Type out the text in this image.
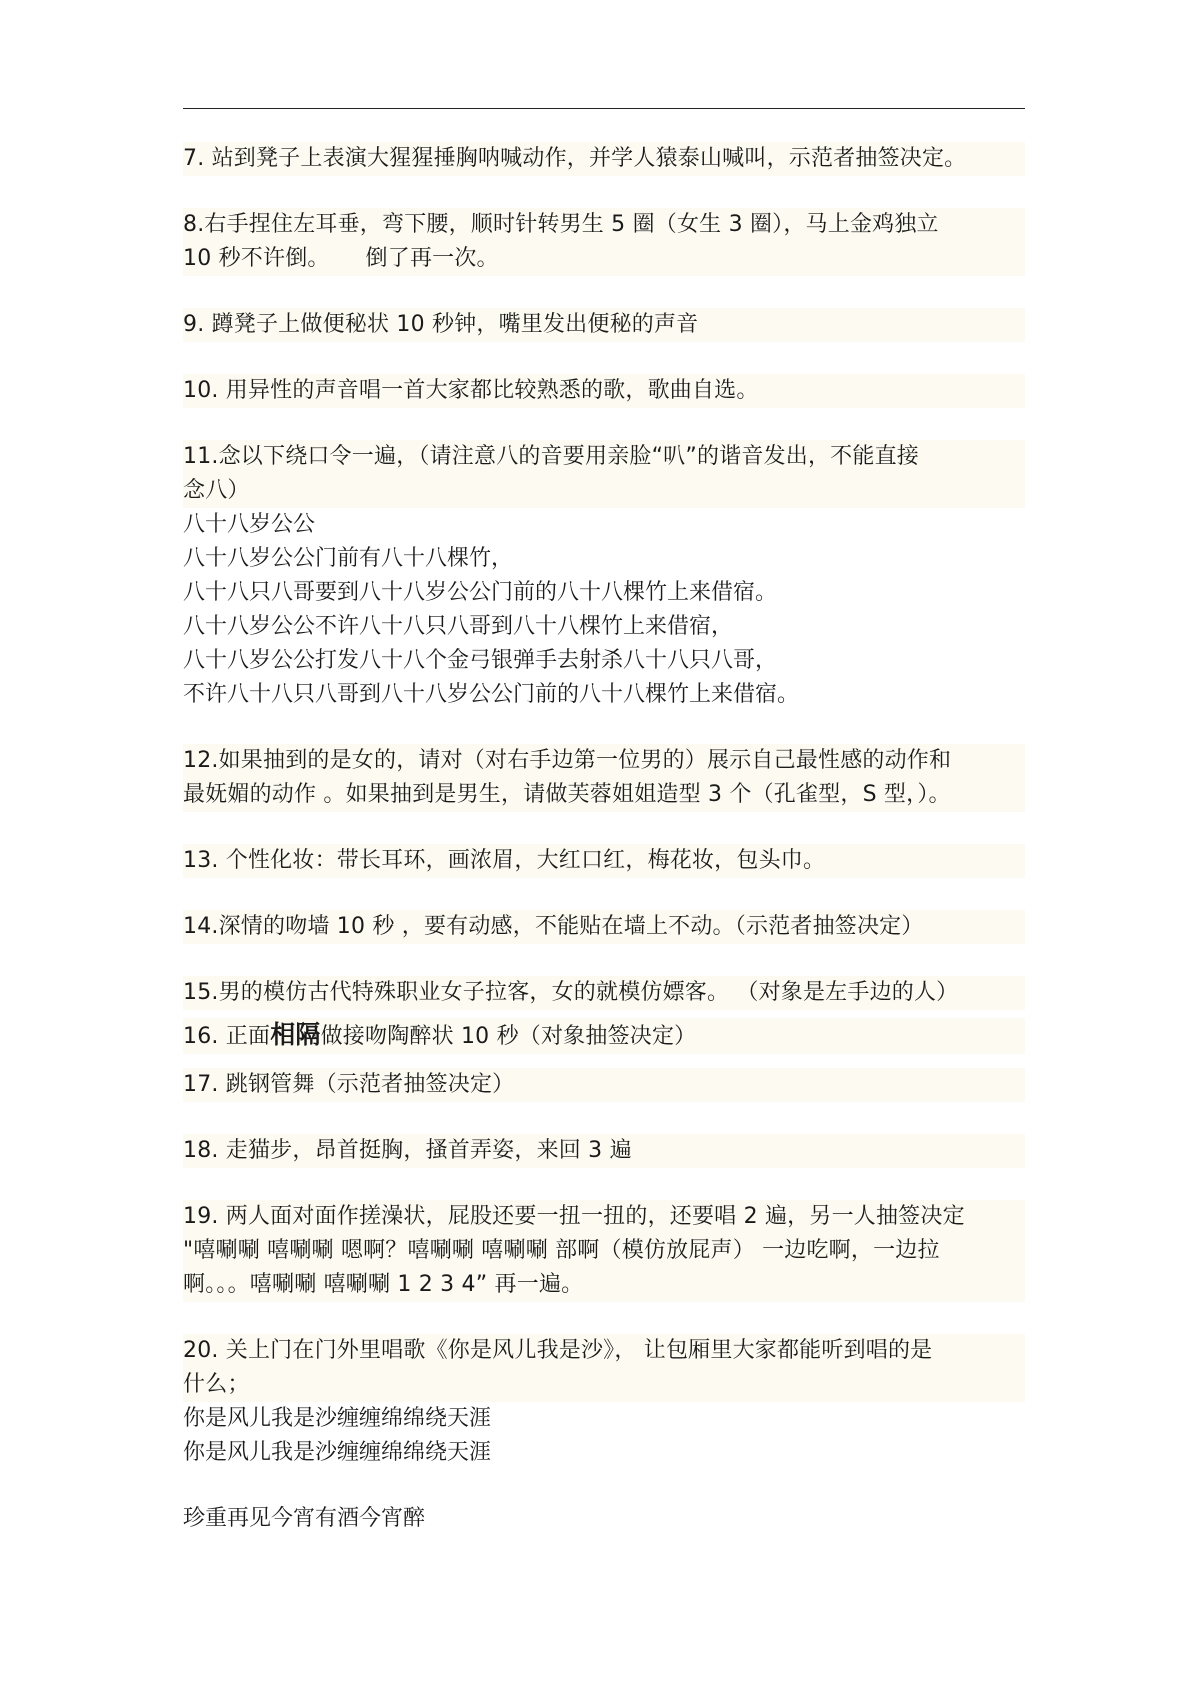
7. 站到凳子上表演大猩猩捶胸呐喊动作，并学人猿泰山喊叫，示范者抽签决定。
8.右手捏住左耳垂，弯下腰，顺时针转男生 5 圈（女生 3 圈），马上金鸡独立
10 秒不许倒。     倒了再一次。
9. 蹲凳子上做便秘状 10 秒钟，嘴里发出便秘的声音
10. 用异性的声音唱一首大家都比较熟悉的歌，歌曲自选。
11.念以下绕口令一遍，（请注意八的音要用亲脸“叭”的谐音发出，不能直接
念八）
八十八岁公公
八十八岁公公门前有八十八棵竹，
八十八只八哥要到八十八岁公公门前的八十八棵竹上来借宿。
八十八岁公公不许八十八只八哥到八十八棵竹上来借宿，
八十八岁公公打发八十八个金弓银弹手去射杀八十八只八哥，
不许八十八只八哥到八十八岁公公门前的八十八棵竹上来借宿。
12.如果抽到的是女的，请对（对右手边第一位男的）展示自己最性感的动作和
最妩媚的动作 。如果抽到是男生，请做芙蓉姐姐造型 3 个（孔雀型，S 型，）。
13. 个性化妆：带长耳环，画浓眉，大红口红，梅花妆，包头巾。
14.深情的吻墙 10 秒 ，要有动感，不能贴在墙上不动。（示范者抽签决定）
15.男的模仿古代特殊职业女子拉客，女的就模仿嫖客。 （对象是左手边的人）
16. 正面相隔做接吻陶醉状 10 秒（对象抽签决定）
17. 跳钢管舞（示范者抽签决定）
18. 走猫步，昂首挺胸，搔首弄姿，来回 3 遍
19. 两人面对面作搓澡状，屁股还要一扭一扭的，还要唱 2 遍，另一人抽签决定
"嘻唰唰 嘻唰唰 嗯啊？嘻唰唰 嘻唰唰 部啊（模仿放屁声） 一边吃啊，一边拉
啊。。。嘻唰唰 嘻唰唰 1 2 3 4” 再一遍。
20. 关上门在门外里唱歌《你是风儿我是沙》， 让包厢里大家都能听到唱的是
什么；
你是风儿我是沙缠缠绵绵绕天涯
你是风儿我是沙缠缠绵绵绕天涯
珍重再见今宵有酒今宵醉
